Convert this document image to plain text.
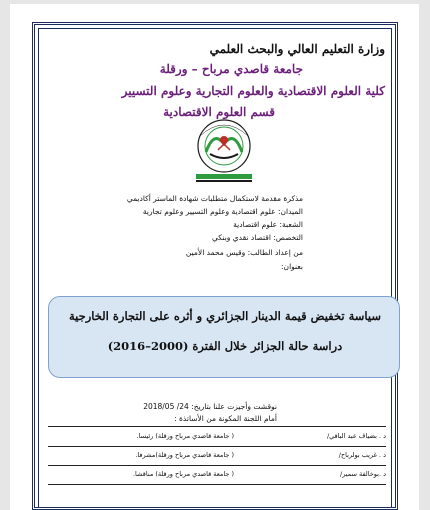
وزارة التعليم العالي والبحث العلمي
جامعة قاصدي مرباح – ورقلة
كلية العلوم الاقتصادية والعلوم التجارية وعلوم التسيير
قسم العلوم الاقتصادية
مذكرة مقدمة لاستكمال متطلبات شهادة الماستر أكاديمي
الميدان: علوم اقتصادية وعلوم التسيير وعلوم تجارية
الشعبة: علوم اقتصادية
التخصص: اقتصاد نقدي وبنكي
من إعداد الطالب: وقيس محمد الأمين
بعنوان:
سياسة تخفيض قيمة الدينار الجزائري و أثره على التجارة الخارجية
دراسة حالة الجزائر خلال الفترة (2000–2016)
نوقشت وأجيزت علنا بتاريخ: 24/ 2018/05
أمام اللجنة المكونة من الأساتذة :
د . بضياف عبد الباقي/
( جامعة قاصدي مرباح ورقلة) رئيسا.
د . غريب بولرباح/
( جامعة قاصدي مرباح ورقلة)مشرفا.
د .بوخالفة سمير/
( جامعة قاصدي مرباح ورقلة) مناقشا.
